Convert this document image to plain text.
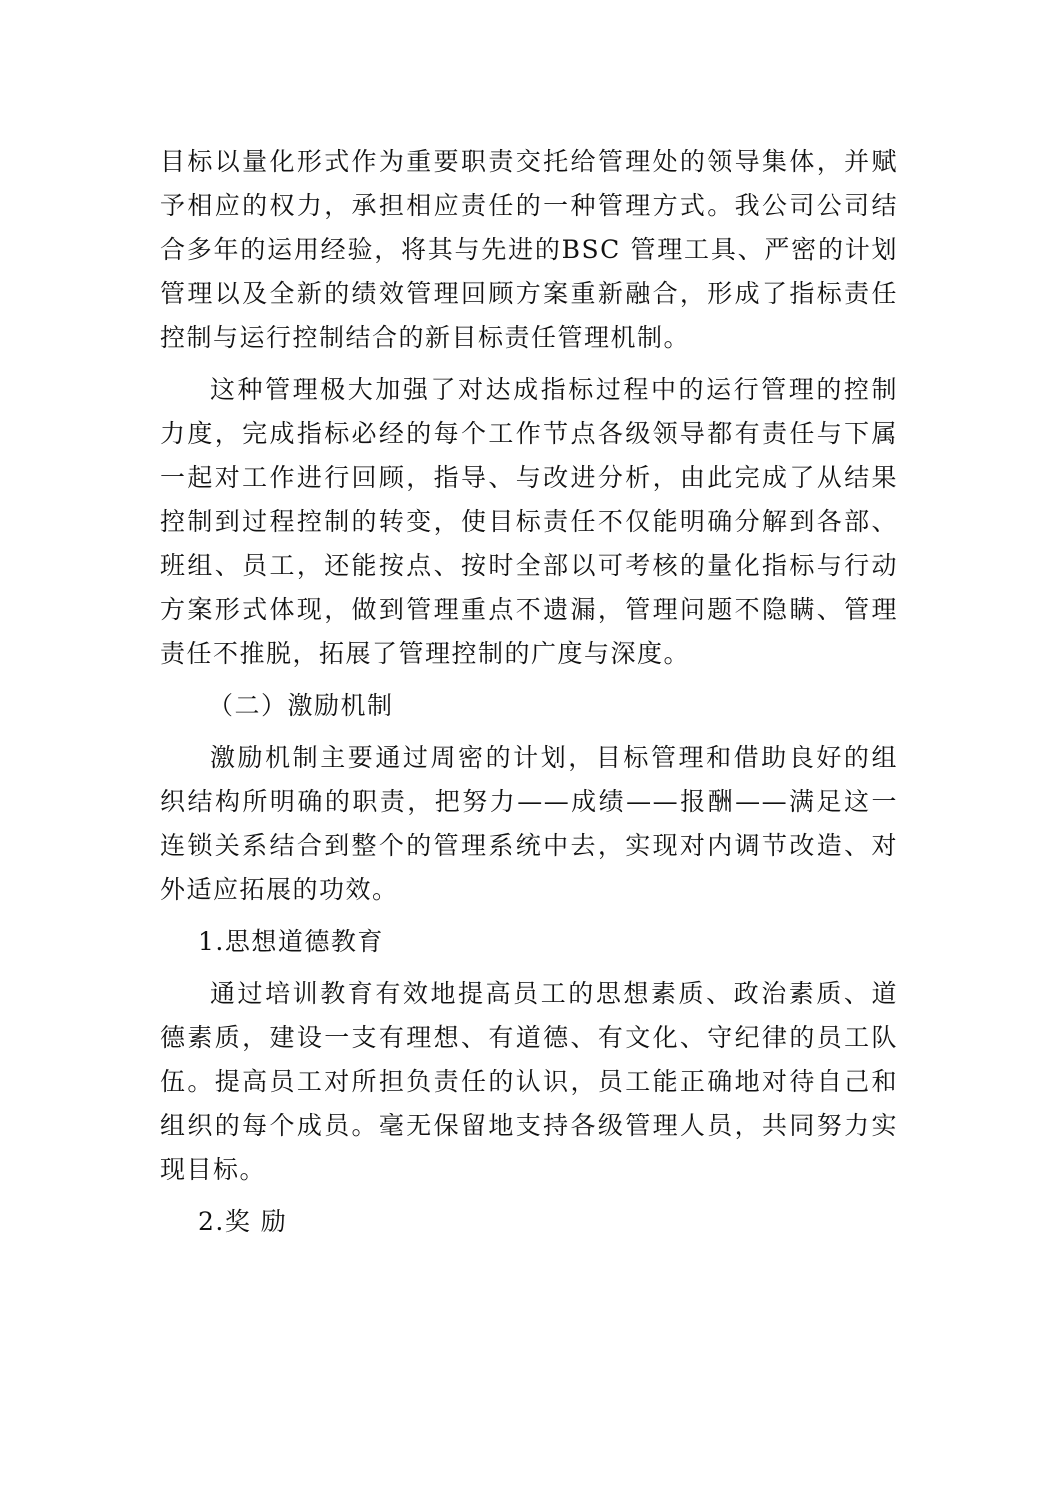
目标以量化形式作为重要职责交托给管理处的领导集体，并赋予相应的权力，承担相应责任的一种管理方式。我公司公司结合多年的运用经验，将其与先进的BSC 管理工具、严密的计划管理以及全新的绩效管理回顾方案重新融合，形成了指标责任控制与运行控制结合的新目标责任管理机制。

这种管理极大加强了对达成指标过程中的运行管理的控制力度，完成指标必经的每个工作节点各级领导都有责任与下属一起对工作进行回顾，指导、与改进分析，由此完成了从结果控制到过程控制的转变，使目标责任不仅能明确分解到各部、班组、员工，还能按点、按时全部以可考核的量化指标与行动方案形式体现，做到管理重点不遗漏，管理问题不隐瞒、管理责任不推脱，拓展了管理控制的广度与深度。

（二）激励机制

激励机制主要通过周密的计划，目标管理和借助良好的组织结构所明确的职责，把努力——成绩——报酬——满足这一连锁关系结合到整个的管理系统中去，实现对内调节改造、对外适应拓展的功效。

1.思想道德教育

通过培训教育有效地提高员工的思想素质、政治素质、道德素质，建设一支有理想、有道德、有文化、守纪律的员工队伍。提高员工对所担负责任的认识，员工能正确地对待自己和组织的每个成员。毫无保留地支持各级管理人员，共同努力实现目标。

2.奖 励
